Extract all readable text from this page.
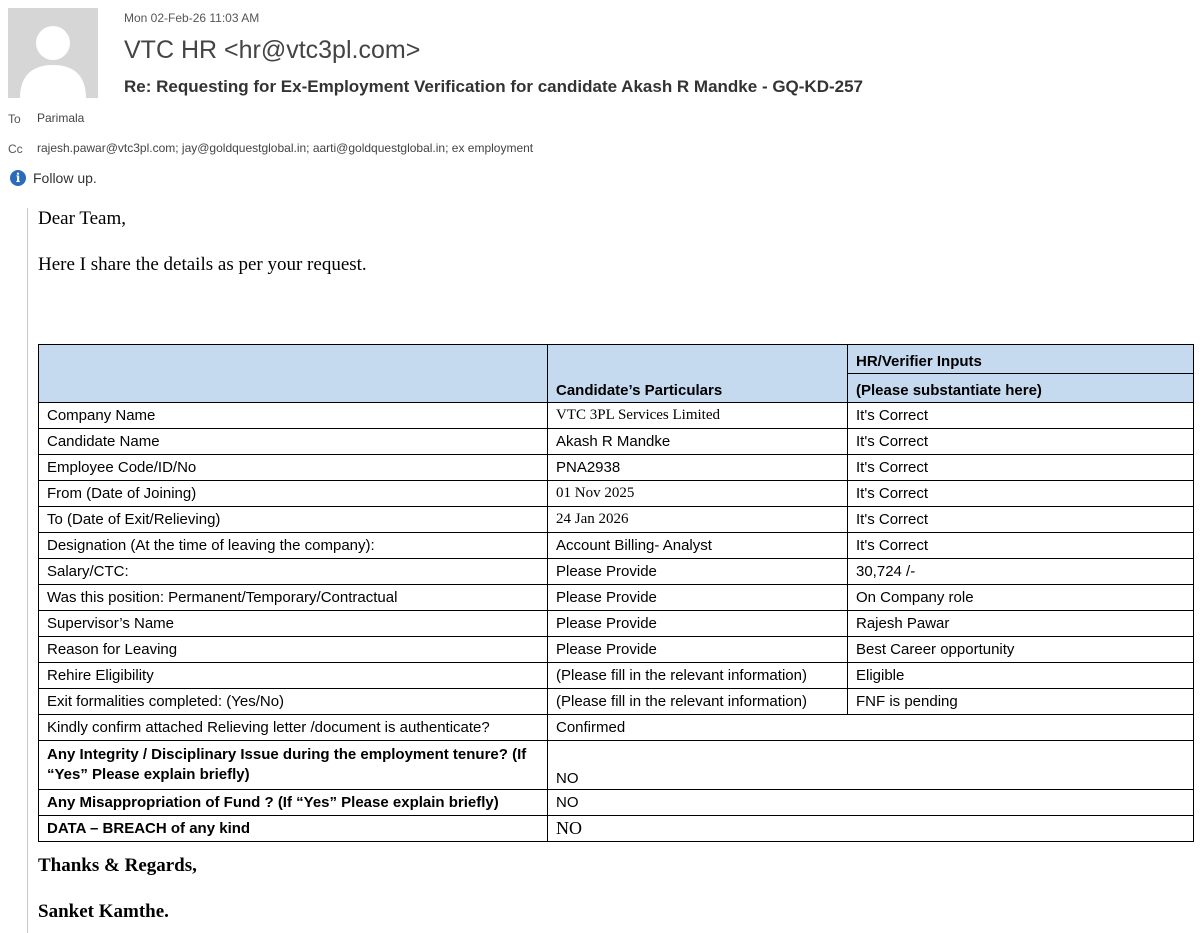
Mon 02-Feb-26 11:03 AM
VTC HR <hr@vtc3pl.com>
Re: Requesting for Ex-Employment Verification for candidate Akash R Mandke - GQ-KD-257
To Parimala
Cc rajesh.pawar@vtc3pl.com; jay@goldquestglobal.in; aarti@goldquestglobal.in; ex employment
i Follow up.
Dear Team,
Here I share the details as per your request.
	Candidate’s Particulars	HR/Verifier Inputs
		(Please substantiate here)
Company Name	VTC 3PL Services Limited	It's Correct
Candidate Name	Akash R Mandke	It's Correct
Employee Code/ID/No	PNA2938	It's Correct
From (Date of Joining)	01 Nov 2025	It's Correct
To (Date of Exit/Relieving)	24 Jan 2026	It's Correct
Designation (At the time of leaving the company):	Account Billing- Analyst	It's Correct
Salary/CTC:	Please Provide	30,724 /-
Was this position: Permanent/Temporary/Contractual	Please Provide	On Company role
Supervisor’s Name	Please Provide	Rajesh Pawar
Reason for Leaving	Please Provide	Best Career opportunity
Rehire Eligibility	(Please fill in the relevant information)	Eligible
Exit formalities completed: (Yes/No)	(Please fill in the relevant information)	FNF is pending
Kindly confirm attached Relieving letter /document is authenticate?	Confirmed	
Any Integrity / Disciplinary Issue during the employment tenure? (If “Yes” Please explain briefly)	NO	
Any Misappropriation of Fund ? (If “Yes” Please explain briefly)	NO	
DATA – BREACH of any kind	NO	
Thanks & Regards,
Sanket Kamthe.
